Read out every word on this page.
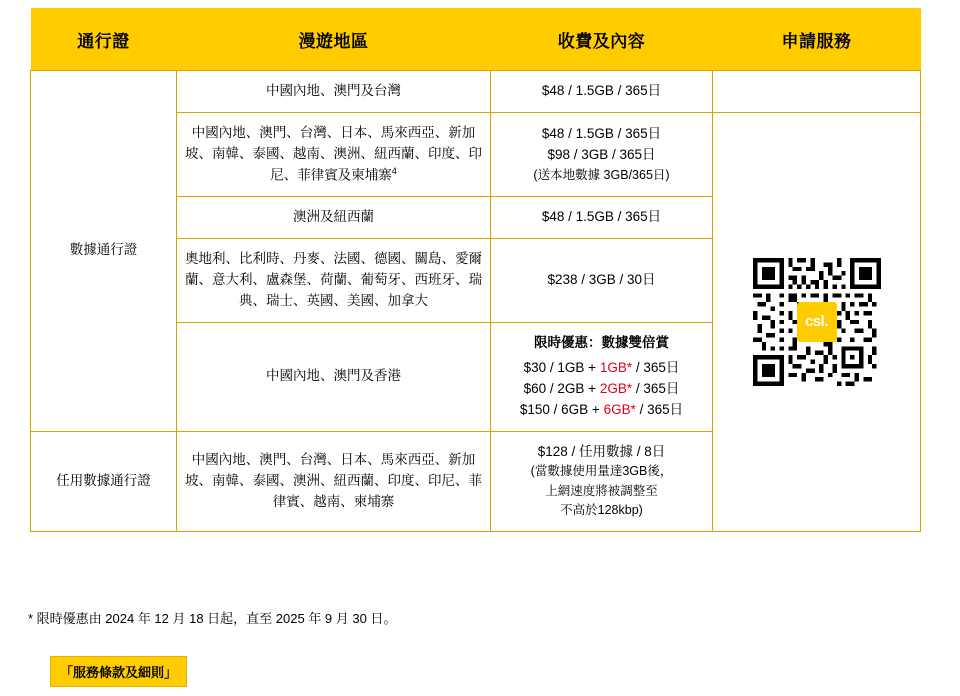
通行證	漫遊地區	收費及內容	申請服務
數據通行證	中國內地、澳門及台灣	$48 / 1.5GB / 365日	

	中國內地、澳門、台灣、日本、馬來西亞、新加坡、南韓、泰國、越南、澳洲、紐西蘭、印度、印尼、菲律賓及柬埔寨$^4$	$48 / 1.5GB / 365日
$98 / 3GB / 365日
(送本地數據 3GB/365日)	csl.

	澳洲及紐西蘭	$48 / 1.5GB / 365日	

	奧地利、比利時、丹麥、法國、德國、關島、愛爾蘭、意大利、盧森堡、荷蘭、葡萄牙、西班牙、瑞典、瑞士、英國、美國、加拿大	$238 / 3GB / 30日	

	中國內地、澳門及香港	限時優惠：數據雙倍賞
$30 / 1GB + 1GB* / 365日
$60 / 2GB + 2GB* / 365日
$150 / 6GB + 6GB* / 365日	

任用數據通行證	中國內地、澳門、台灣、日本、馬來西亞、新加坡、南韓、泰國、澳洲、紐西蘭、印度、印尼、菲律賓、越南、柬埔寨	$128 / 任用數據 / 8日
(當數據使用量達3GB後，
上網速度將被調整至
不高於128kbp)	
* 限時優惠由 2024 年 12 月 18 日起，直至 2025 年 9 月 30 日。
「服務條款及細則」
